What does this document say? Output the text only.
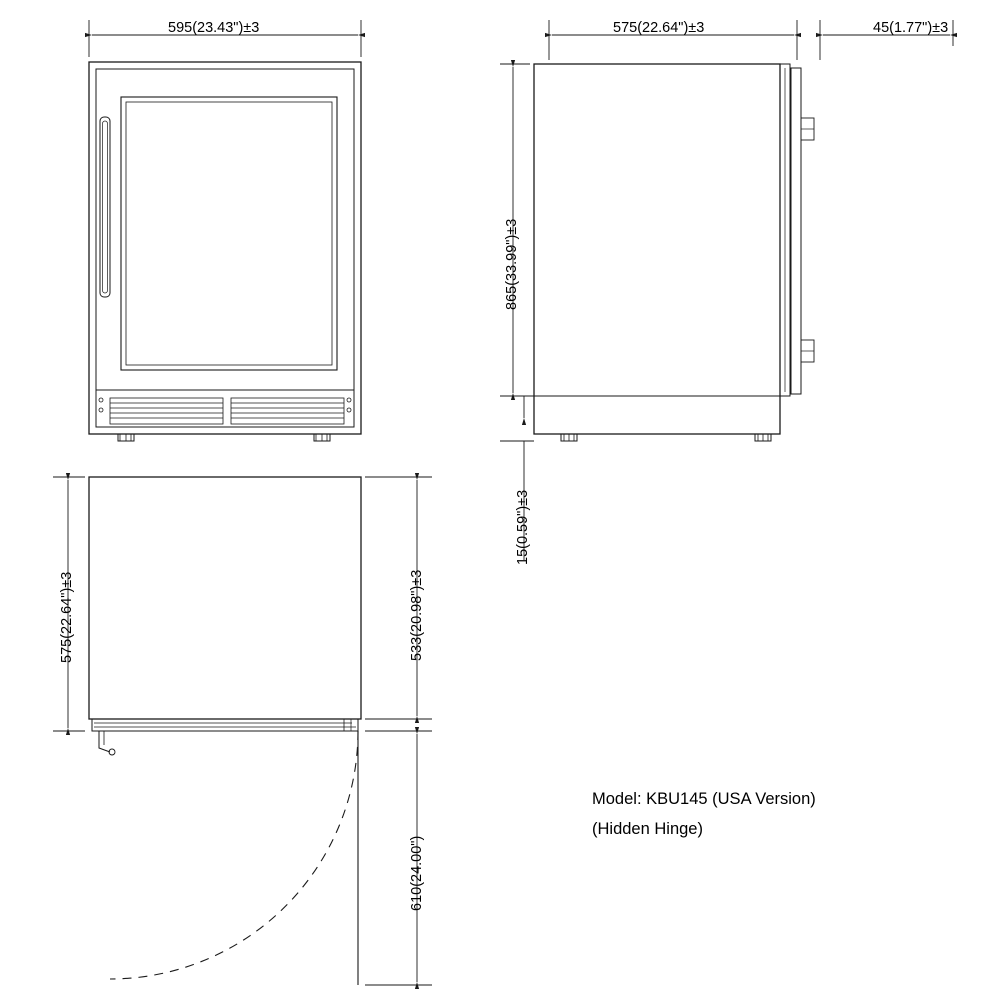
595(23.43")±3	575(22.64")±3	45(1.77")±3
865(33.99")±3
15(0.59")±3
575(22.64")±3	533(20.98")±3
610(24.00")
Model: KBU145 (USA Version)
(Hidden Hinge)
